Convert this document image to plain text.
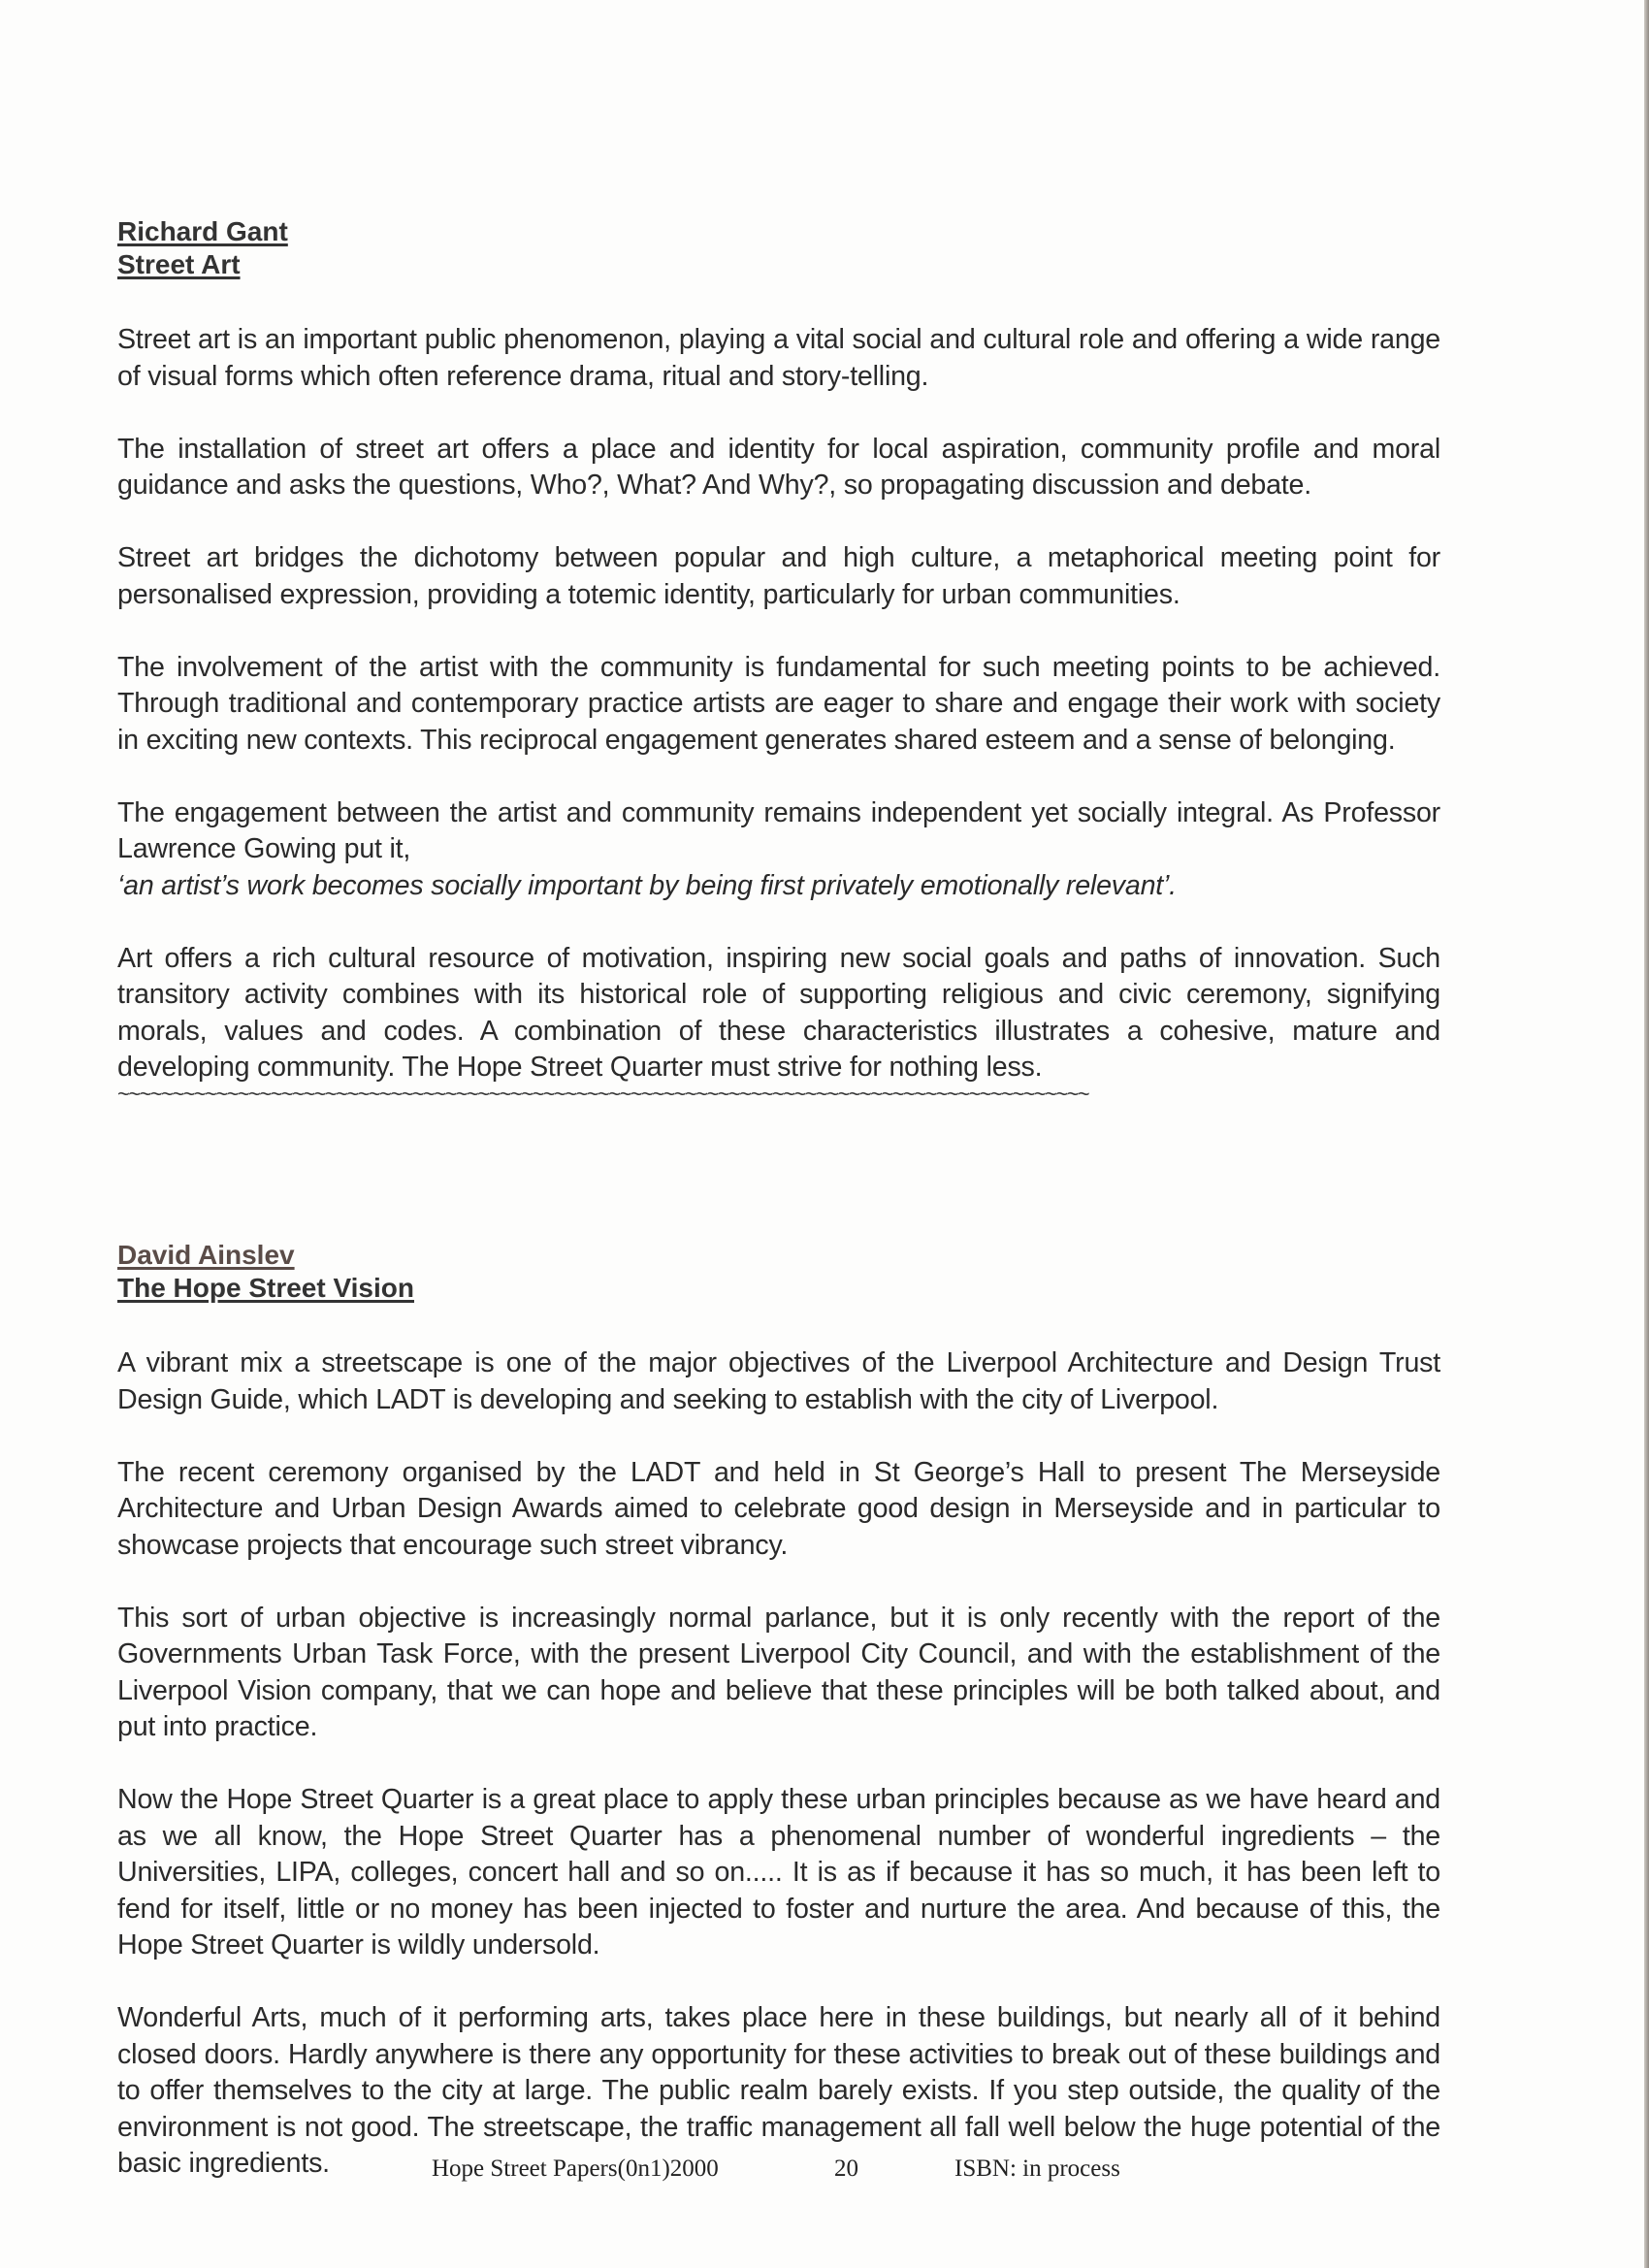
Richard Gant

Street Art

Street art is an important public phenomenon, playing a vital social and cultural role and offering a wide range of visual forms which often reference drama, ritual and story-telling.

The installation of street art offers a place and identity for local aspiration, community profile and moral guidance and asks the questions, Who?, What? And Why?, so propagating discussion and debate.

Street art bridges the dichotomy between popular and high culture, a metaphorical meeting point for personalised expression, providing a totemic identity, particularly for urban communities.

The involvement of the artist with the community is fundamental for such meeting points to be achieved. Through traditional and contemporary practice artists are eager to share and engage their work with society in exciting new contexts. This reciprocal engagement generates shared esteem and a sense of belonging.

The engagement between the artist and community remains independent yet socially integral. As Professor Lawrence Gowing put it,
‘an artist’s work becomes socially important by being first privately emotionally relevant’.

Art offers a rich cultural resource of motivation, inspiring new social goals and paths of innovation. Such transitory activity combines with its historical role of supporting religious and civic ceremony, signifying morals, values and codes. A combination of these characteristics illustrates a cohesive, mature and developing community. The Hope Street Quarter must strive for nothing less.

~~~~~~~~~~~~~~~~~~~~~~~~~~~~~~~~~~~~~~~~~~~~~~~~~~~~~~~~~~~~~~~~~~~~~~~~~~~~~~~~~~~~~~~~~

David Ainslev

The Hope Street Vision

A vibrant mix a streetscape is one of the major objectives of the Liverpool Architecture and Design Trust Design Guide, which LADT is developing and seeking to establish with the city of Liverpool.

The recent ceremony organised by the LADT and held in St George’s Hall to present The Merseyside Architecture and Urban Design Awards aimed to celebrate good design in Merseyside and in particular to showcase projects that encourage such street vibrancy.

This sort of urban objective is increasingly normal parlance, but it is only recently with the report of the Governments Urban Task Force, with the present Liverpool City Council, and with the establishment of the Liverpool Vision company, that we can hope and believe that these principles will be both talked about, and put into practice.

Now the Hope Street Quarter is a great place to apply these urban principles because as we have heard and as we all know, the Hope Street Quarter has a phenomenal number of wonderful ingredients – the Universities, LIPA, colleges, concert hall and so on..... It is as if because it has so much, it has been left to fend for itself, little or no money has been injected to foster and nurture the area. And because of this, the Hope Street Quarter is wildly undersold.

Wonderful Arts, much of it performing arts, takes place here in these buildings, but nearly all of it behind closed doors. Hardly anywhere is there any opportunity for these activities to break out of these buildings and to offer themselves to the city at large. The public realm barely exists. If you step outside, the quality of the environment is not good. The streetscape, the traffic management all fall well below the huge potential of the basic ingredients.	Hope Street Papers(0n1)2000	20	ISBN: in process
